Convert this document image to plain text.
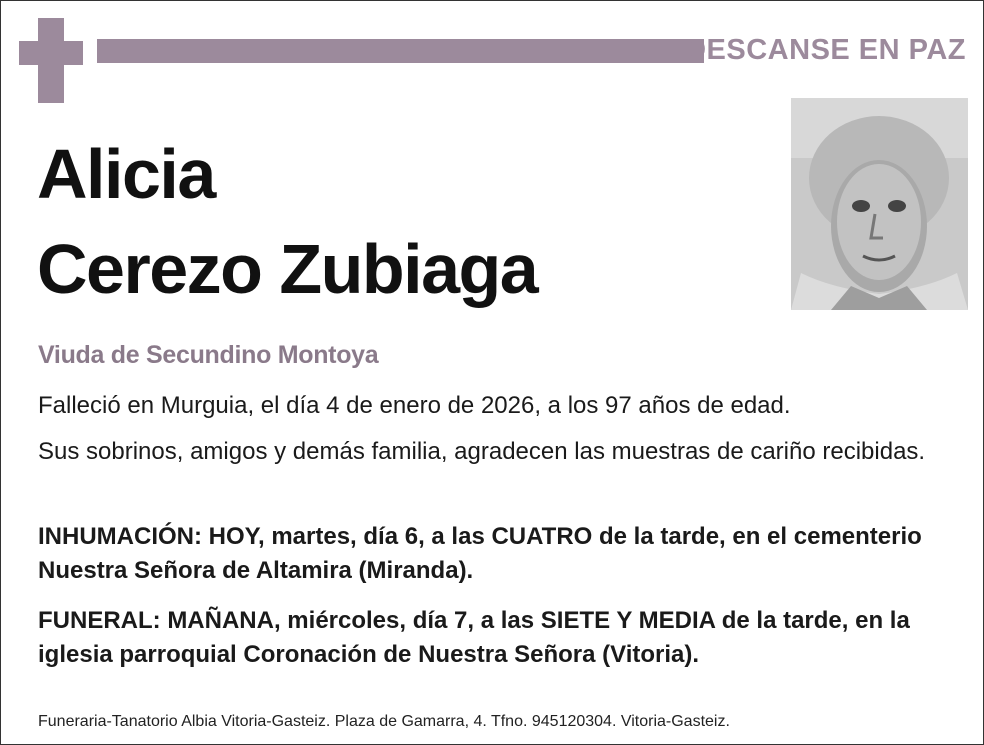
DESCANSE EN PAZ
Alicia
Cerezo Zubiaga
Viuda de Secundino Montoya
Falleció en Murguia, el día 4 de enero de 2026, a los 97 años de edad.
Sus sobrinos, amigos y demás familia, agradecen las muestras de cariño recibidas.
INHUMACIÓN: HOY, martes, día 6, a las CUATRO de la tarde, en el cementerio Nuestra Señora de Altamira (Miranda).
FUNERAL: MAÑANA, miércoles, día 7, a las SIETE Y MEDIA de la tarde, en la iglesia parroquial Coronación de Nuestra Señora (Vitoria).
Funeraria-Tanatorio Albia Vitoria-Gasteiz. Plaza de Gamarra, 4. Tfno. 945120304. Vitoria-Gasteiz.
